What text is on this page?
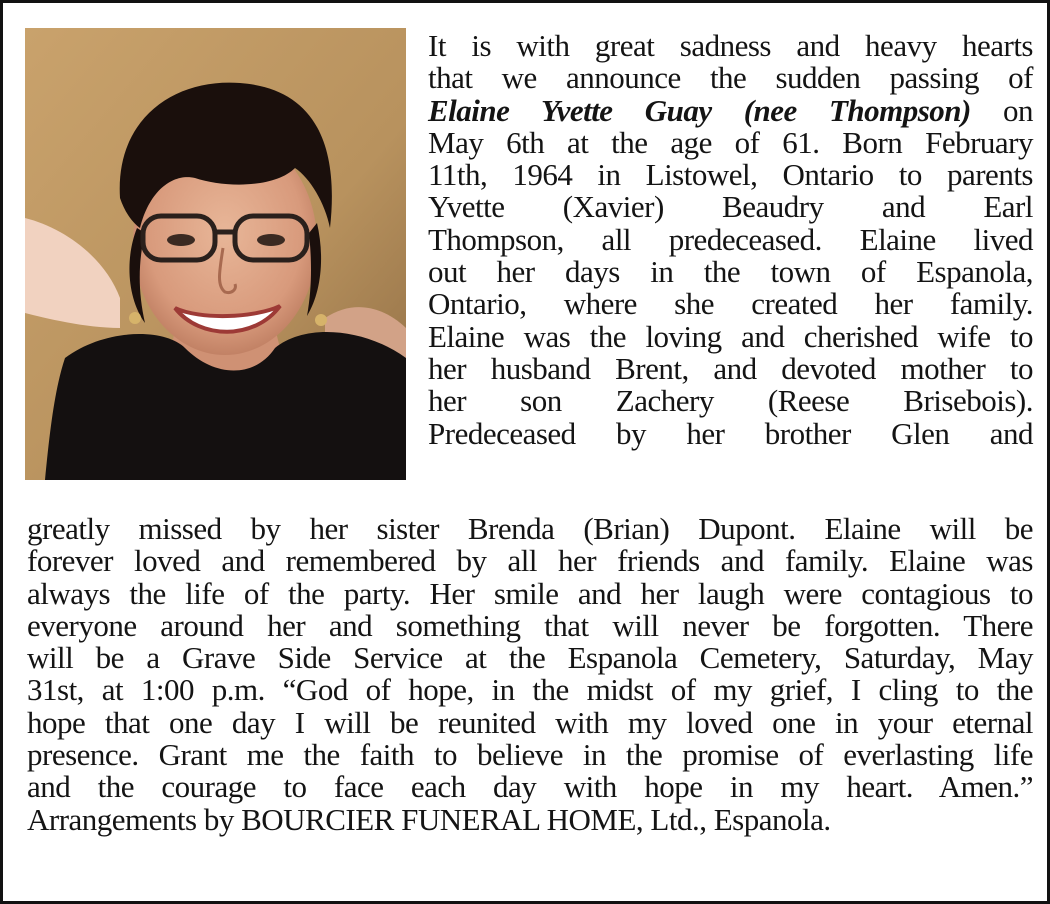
It is with great sadness and heavy hearts
that we announce the sudden passing of
Elaine Yvette Guay (nee Thompson) on
May 6th at the age of 61. Born February
11th, 1964 in Listowel, Ontario to parents
Yvette (Xavier) Beaudry and Earl
Thompson, all predeceased. Elaine lived
out her days in the town of Espanola,
Ontario, where she created her family.
Elaine was the loving and cherished wife to
her husband Brent, and devoted mother to
her son Zachery (Reese Brisebois).
Predeceased by her brother Glen and
greatly missed by her sister Brenda (Brian) Dupont. Elaine will be
forever loved and remembered by all her friends and family. Elaine was
always the life of the party. Her smile and her laugh were contagious to
everyone around her and something that will never be forgotten. There
will be a Grave Side Service at the Espanola Cemetery, Saturday, May
31st, at 1:00 p.m. “God of hope, in the midst of my grief, I cling to the
hope that one day I will be reunited with my loved one in your eternal
presence. Grant me the faith to believe in the promise of everlasting life
and the courage to face each day with hope in my heart. Amen.”
Arrangements by BOURCIER FUNERAL HOME, Ltd., Espanola.
